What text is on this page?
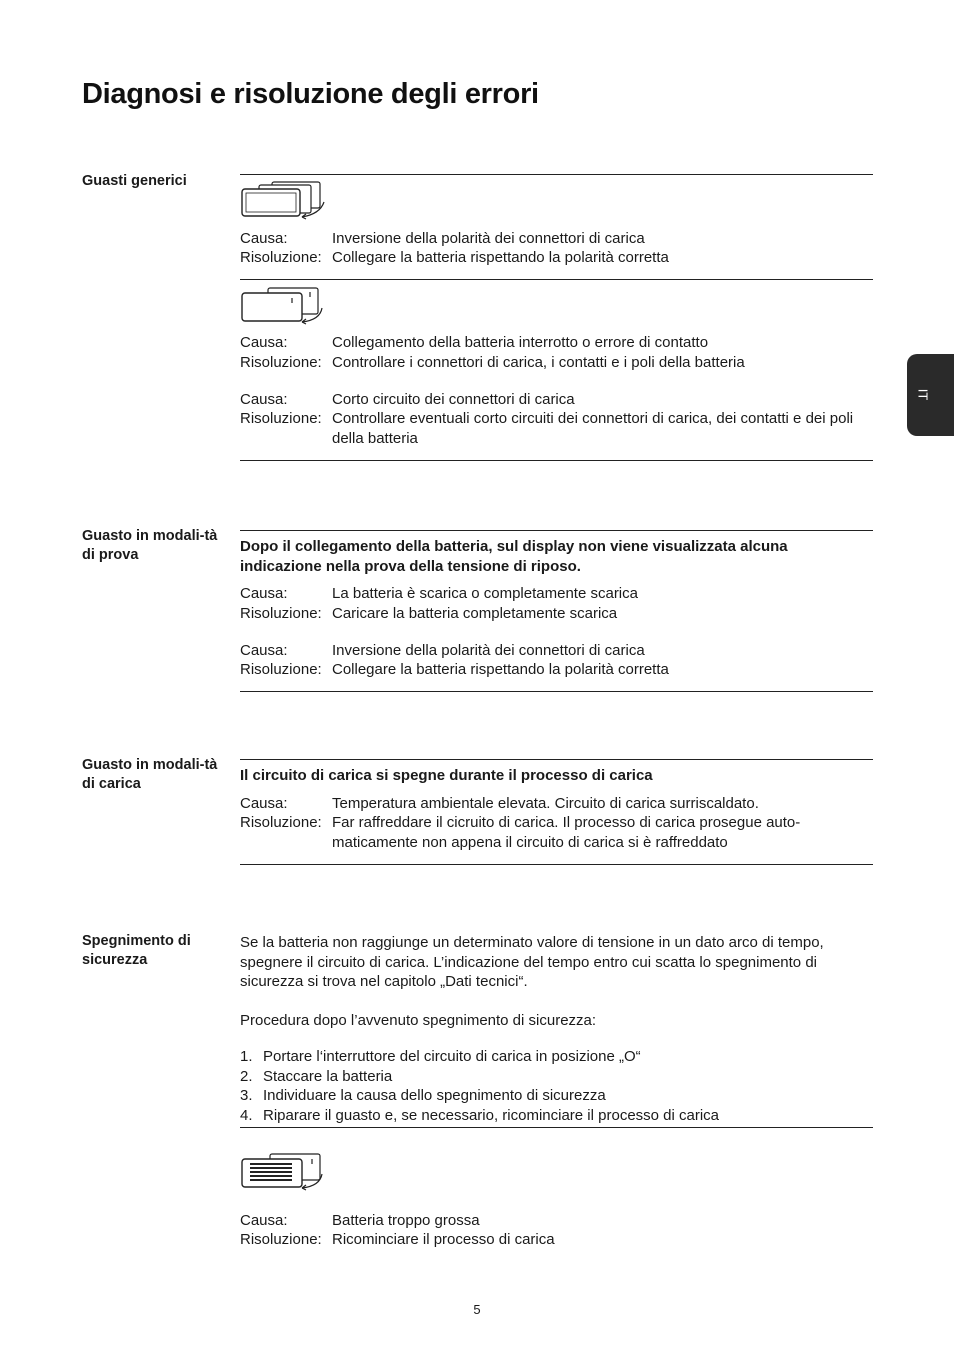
Diagnosi e risoluzione degli errori
IT
Guasti generici
Causa:	Inversione della polarità dei connettori di carica
Risoluzione: Collegare la batteria rispettando la polarità corretta
Causa:	Collegamento della batteria interrotto o errore di contatto
Risoluzione: Controllare i connettori di carica, i contatti e i poli della batteria
Causa:	Corto circuito dei connettori di carica
Risoluzione: Controllare eventuali corto circuiti dei connettori di carica, dei contatti e dei poli della batteria
Guasto in modali-tà di prova	Dopo il collegamento della batteria, sul display non viene visualizzata alcuna indicazione nella prova della tensione di riposo.
Causa:	La batteria è scarica o completamente scarica
Risoluzione: Caricare la batteria completamente scarica
Causa:	Inversione della polarità dei connettori di carica
Risoluzione: Collegare la batteria rispettando la polarità corretta
Guasto in modali-tà di carica	Il circuito di carica si spegne durante il processo di carica
Causa:	Temperatura ambientale elevata. Circuito di carica surriscaldato.
Risoluzione: Far raffreddare il cicruito di carica. Il processo di carica prosegue auto-maticamente non appena il circuito di carica si è raffreddato
Spegnimento di sicurezza
Se la batteria non raggiunge un determinato valore di tensione in un dato arco di tempo, spegnere il circuito di carica. L’indicazione del tempo entro cui scatta lo spegnimento di sicurezza si trova nel capitolo „Dati tecnici“.
Procedura dopo l’avvenuto spegnimento di sicurezza:
1. Portare l‘interruttore del circuito di carica in posizione „O“
2. Staccare la batteria
3. Individuare la causa dello spegnimento di sicurezza
4. Riparare il guasto e, se necessario, ricominciare il processo di carica
Causa:	Batteria troppo grossa
Risoluzione: Ricominciare il processo di carica
5
